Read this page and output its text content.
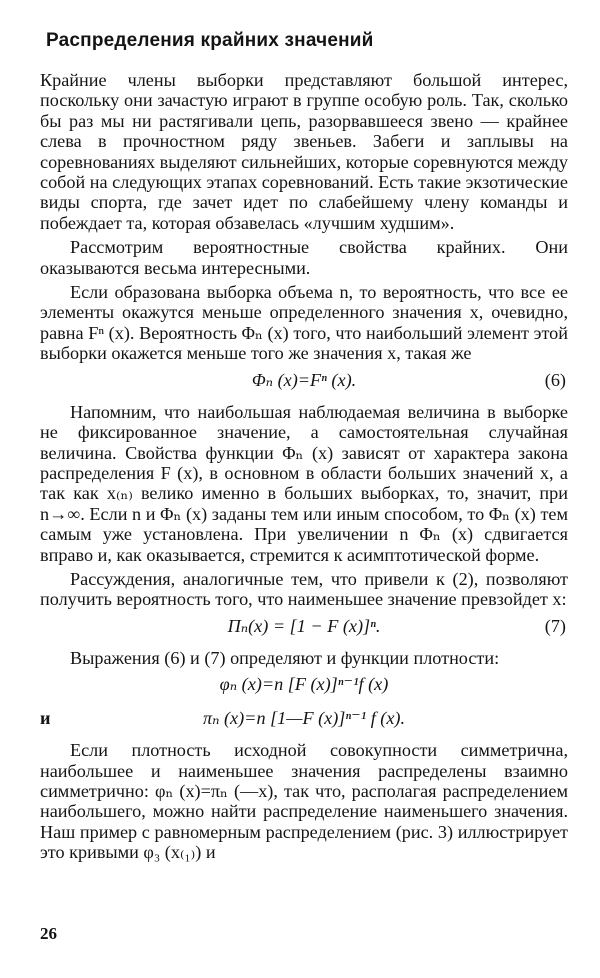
Распределения крайних значений

Крайние члены выборки представляют большой интерес, поскольку они зачастую играют в группе особую роль. Так, сколько бы раз мы ни растягивали цепь, разорвавшееся звено — крайнее слева в прочностном ряду звеньев. Забеги и заплывы на соревнованиях выделяют сильнейших, которые соревнуются между собой на следующих этапах соревнований. Есть такие экзотические виды спорта, где зачет идет по слабейшему члену команды и побеждает та, которая обзавелась «лучшим худшим».

Рассмотрим вероятностные свойства крайних. Они оказываются весьма интересными.

Если образована выборка объема n, то вероятность, что все ее элементы окажутся меньше определенного значения x, очевидно, равна Fⁿ (x). Вероятность Φₙ (x) того, что наибольший элемент этой выборки окажется меньше того же значения x, такая же

Φₙ (x)=Fⁿ (x).	(6)

Напомним, что наибольшая наблюдаемая величина в выборке не фиксированное значение, а самостоятельная случайная величина. Свойства функции Φₙ (x) зависят от характера закона распределения F (x), в основном в области больших значений x, а так как x₍ₙ₎ велико именно в больших выборках, то, значит, при n→∞. Если n и Φₙ (x) заданы тем или иным способом, то Φₙ (x) тем самым уже установлена. При увеличении n Φₙ (x) сдвигается вправо и, как оказывается, стремится к асимптотической форме.

Рассуждения, аналогичные тем, что привели к (2), позволяют получить вероятность того, что наименьшее значение превзойдет x:

Πₙ(x) = [1 − F (x)]ⁿ.	(7)

Выражения (6) и (7) определяют и функции плотности:

φₙ (x)=n [F (x)]ⁿ⁻¹f (x)
и	πₙ (x)=n [1—F (x)]ⁿ⁻¹ f (x).

Если плотность исходной совокупности симметрична, наибольшее и наименьшее значения распределены взаимно симметрично: φₙ (x)=πₙ (—x), так что, располагая распределением наибольшего, можно найти распределение наименьшего значения. Наш пример с равномерным распределением (рис. 3) иллюстрирует это кривыми φ₃ (x₍₁₎) и

26
